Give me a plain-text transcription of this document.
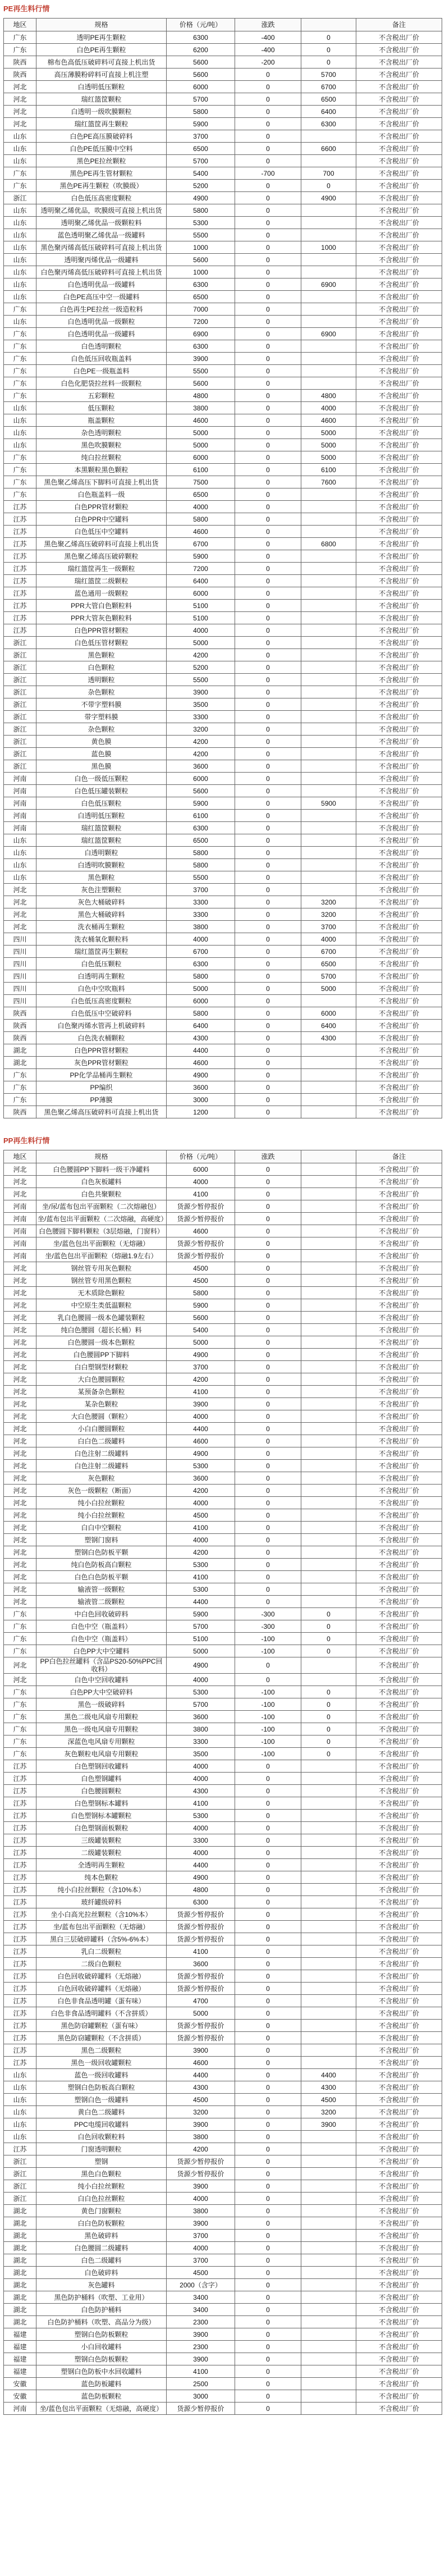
PE再生料行情
地区	规格	价格（元/吨）	涨跌		备注
广东	透明PE再生颗粒	6300	-400	0	不含税出厂价
广东	白色PE再生颗粒	6200	-400	0	不含税出厂价
陕西	棉布色高低压破碎料可直接上机出货	5600	-200	0	不含税出厂价
陕西	高压薄膜粉碎料可直接上机注塑	5600	0	5700	不含税出厂价
河北	白透明低压颗粒	6000	0	6700	不含税出厂价
河北	瑞红篮筐颗粒	5700	0	6500	不含税出厂价
河北	白透明一级吹膜颗粒	5800	0	6400	不含税出厂价
河北	瑞红篮筐再生颗粒	5900	0	6300	不含税出厂价
山东	白色PE高压膜破碎料	3700	0		不含税出厂价
山东	白色PE低压膜中空料	6500	0	6600	不含税出厂价
山东	黑色PE拉丝颗粒	5700	0		不含税出厂价
广东	黑色PE再生管材颗粒	5400	-700	700	不含税出厂价
广东	黑色PE再生颗粒（吹膜级）	5200	0	0	不含税出厂价
浙江	白色低压高密度颗粒	4900	0	4900	不含税出厂价
山东	透明聚乙烯优品，吹膜级可直接上机出货	5800	0		不含税出厂价
山东	透明聚乙烯优品一级颗粒料	5300	0		不含税出厂价
山东	蓝色透明聚乙烯优品一级罐料	5500	0		不含税出厂价
山东	黑色聚丙烯高低压破碎料可直接上机出货	1000	0	1000	不含税出厂价
山东	透明聚丙烯优品一级罐料	5600	0		不含税出厂价
山东	白色聚丙烯高低压破碎料可直接上机出货	1000	0		不含税出厂价
山东	白色透明优品一级罐料	6300	0	6900	不含税出厂价
山东	白色PE高压中空一级罐料	6500	0		不含税出厂价
广东	白色再生PE拉丝一级造粒料	7000	0		不含税出厂价
山东	白色透明优品一级颗粒	7200	0		不含税出厂价
广东	白色透明优品一级罐料	6900	0	6900	不含税出厂价
广东	白色透明颗粒	6300	0		不含税出厂价
广东	白色低压回收瓶盖料	3900	0		不含税出厂价
广东	白色PE一级瓶盖料	5500	0		不含税出厂价
广东	白色化肥袋拉丝料一级颗粒	5600	0		不含税出厂价
广东	五彩颗粒	4800	0	4800	不含税出厂价
山东	低压颗粒	3800	0	4000	不含税出厂价
山东	瓶盖颗粒	4600	0	4600	不含税出厂价
山东	杂色透明颗粒	5000	0	5000	不含税出厂价
山东	黑色吹膜颗粒	5000	0	5000	不含税出厂价
广东	纯白拉丝颗粒	6000	0	5000	不含税出厂价
广东	本黑颗粒黑色颗粒	6100	0	6100	不含税出厂价
广东	黑色聚乙烯高压下脚料可直接上机出货	7500	0	7600	不含税出厂价
广东	白色瓶盖料一级	6500	0		不含税出厂价
江苏	白色PPR管材颗粒	4000	0		不含税出厂价
江苏	白色PPR中空罐料	5800	0		不含税出厂价
江苏	白色低压中空罐料	4600	0		不含税出厂价
江苏	黑色聚乙烯高压破碎料可直接上机出货	6700	0	6800	不含税出厂价
江苏	黑色聚乙烯高压破碎颗粒	5900	0		不含税出厂价
江苏	瑞红篮筐再生一级颗粒	7200	0		不含税出厂价
江苏	瑞红篮筐二级颗粒	6400	0		不含税出厂价
江苏	蓝色通用一级颗粒	6000	0		不含税出厂价
江苏	PPR大管白色颗粒料	5100	0		不含税出厂价
江苏	PPR大管灰色颗粒料	5100	0		不含税出厂价
江苏	白色PPR管材颗粒	4000	0		不含税出厂价
浙江	白色低压管材颗粒	5000	0		不含税出厂价
浙江	黑色颗粒	4200	0		不含税出厂价
浙江	白色颗粒	5200	0		不含税出厂价
浙江	透明颗粒	5500	0		不含税出厂价
浙江	杂色颗粒	3900	0		不含税出厂价
浙江	不带字塑料膜	3500	0		不含税出厂价
浙江	带字塑料膜	3300	0		不含税出厂价
浙江	杂色颗粒	3200	0		不含税出厂价
浙江	黄色膜	4200	0		不含税出厂价
浙江	蓝色膜	4200	0		不含税出厂价
浙江	黑色膜	3600	0		不含税出厂价
河南	白色一级低压颗粒	6000	0		不含税出厂价
河南	白色低压罐装颗粒	5600	0		不含税出厂价
河南	白色低压颗粒	5900	0	5900	不含税出厂价
河南	白透明低压颗粒	6100	0		不含税出厂价
河南	瑞红篮筐颗粒	6300	0		不含税出厂价
山东	瑞红篮筐颗粒	6500	0		不含税出厂价
山东	白透明颗粒	5800	0		不含税出厂价
山东	白透明吹膜颗粒	5800	0		不含税出厂价
山东	黑色颗粒	5500	0		不含税出厂价
河北	灰色注塑颗粒	3700	0		不含税出厂价
河北	灰色大桶破碎料	3300	0	3200	不含税出厂价
河北	黑色大桶破碎料	3300	0	3200	不含税出厂价
河北	洗衣桶再生颗粒	3800	0	3700	不含税出厂价
四川	洗衣桶氧化颗粒料	4000	0	4000	不含税出厂价
四川	瑞红篮筐再生颗粒	6700	0	6700	不含税出厂价
四川	白色低压颗粒	6300	0	6500	不含税出厂价
四川	白透明再生颗粒	5800	0	5700	不含税出厂价
四川	白色中空吹瓶料	5000	0	5000	不含税出厂价
四川	白色低压高密度颗粒	6000	0		不含税出厂价
陕西	白色低压中空破碎料	5800	0	6000	不含税出厂价
陕西	白色聚丙烯水管再上机破碎料	6400	0	6400	不含税出厂价
陕西	白色洗衣桶颗粒	4300	0	4300	不含税出厂价
湖北	白色PPR管材颗粒	4400	0		不含税出厂价
湖北	灰色PPR管材颗粒	4600	0		不含税出厂价
广东	PP化学品桶再生颗粒	4900	0		不含税出厂价
广东	PP编织	3600	0		不含税出厂价
广东	PP薄膜	3000	0		不含税出厂价
陕西	黑色聚乙烯高压破碎料可直接上机出货	1200	0		不含税出厂价
PP再生料行情
地区	规格	价格（元/吨）	涨跌		备注
河北	白色腰圆PP下脚料一级干净罐料	6000	0		不含税出厂价
河北	白色灰板罐料	4000	0		不含税出厂价
河北	白色共聚颗粒	4100	0		不含税出厂价
河南	坐/尿/蓝布包出平面颗粒（二次熔融包）	货源少暂停报价	0		不含税出厂价
河南	坐/蓝布包出平面颗粒（二次熔融，高硬度）	货源少暂停报价	0		不含税出厂价
河南	白色腰圆下脚料颗粒（3层熔融，门窗料）	4600	0		不含税出厂价
河南	坐/蓝色包出平面颗粒（无熔融）	货源少暂停报价	0		不含税出厂价
河南	坐/蓝色包出平面颗粒（熔融1.9左右）	货源少暂停报价	0		不含税出厂价
河北	钢丝管专用灰色颗粒	4500	0		不含税出厂价
河北	钢丝管专用黑色颗粒	4500	0		不含税出厂价
河北	无木质除色颗粒	5800	0		不含税出厂价
河北	中空原生类低温颗粒	5900	0		不含税出厂价
河北	乳白色腰圆一级本色罐装颗粒	5600	0		不含税出厂价
河北	纯白色腰圆（超长长桶）料	5400	0		不含税出厂价
河北	白色腰圆一级本色颗粒	5000	0		不含税出厂价
河北	白色腰圆PP下脚料	4900	0		不含税出厂价
河北	白白塑钢型材颗粒	3700	0		不含税出厂价
河北	大白色腰圆颗粒	4200	0		不含税出厂价
河北	某预备杂色颗粒	4100	0		不含税出厂价
河北	某杂色颗粒	3900	0		不含税出厂价
河北	大白色腰圆（颗粒）	4000	0		不含税出厂价
河北	小白白腰圆颗粒	4400	0		不含税出厂价
河北	白白色二级罐料	4600	0		不含税出厂价
河北	白色注射二级罐料	4900	0		不含税出厂价
河北	白色注射二级罐料	5300	0		不含税出厂价
河北	灰色颗粒	3600	0		不含税出厂价
河北	灰色一级颗粒（断面）	4200	0		不含税出厂价
河北	纯小白拉丝颗粒	4000	0		不含税出厂价
河北	纯小白拉丝颗粒	4500	0		不含税出厂价
河北	白白中空颗粒	4100	0		不含税出厂价
河北	塑钢门窗料	4000	0		不含税出厂价
河北	塑钢白色防板平颗	4200	0		不含税出厂价
河北	纯白色防板高白颗粒	5300	0		不含税出厂价
河北	白色白色防板平颗	4100	0		不含税出厂价
河北	输液管一级颗粒	5300	0		不含税出厂价
河北	输液管二级颗粒	4400	0		不含税出厂价
广东	中白色回收破碎料	5900	-300	0	不含税出厂价
广东	白色中空（瓶盖料）	5700	-300	0	不含税出厂价
广东	白色中空（瓶盖料）	5100	-100	0	不含税出厂价
广东	白色PP大中空罐料	5000	-100	0	不含税出厂价
河北	PP白色拉丝罐料（含品PS20-50%PPC回收料）	4900	0		不含税出厂价
河北	白色中空回收罐料	4000	0		不含税出厂价
广东	白色PP大中空破碎料	5300	-100	0	不含税出厂价
广东	黑色一级破碎料	5700	-100	0	不含税出厂价
广东	黑色二级电风扇专用颗粒	3600	-100	0	不含税出厂价
广东	黑色一级电风扇专用颗粒	3800	-100	0	不含税出厂价
广东	深蓝色电风扇专用颗粒	3300	-100	0	不含税出厂价
广东	灰色颗粒电风扇专用颗粒	3500	-100	0	不含税出厂价
江苏	白色塑钢回收罐料	4000	0		不含税出厂价
江苏	白色塑钢罐料	4000	0		不含税出厂价
江苏	白色腰圆颗粒	4300	0		不含税出厂价
江苏	白色塑钢标本罐料	4100	0		不含税出厂价
江苏	白色塑钢标本罐颗粒	5300	0		不含税出厂价
江苏	白色塑钢面板颗粒	4000	0		不含税出厂价
江苏	三级罐装颗粒	3300	0		不含税出厂价
江苏	二级罐装颗粒	4000	0		不含税出厂价
江苏	全透明再生颗粒	4400	0		不含税出厂价
江苏	纯本色颗粒	4900	0		不含税出厂价
江苏	纯小白拉丝颗粒（含10%本）	4800	0		不含税出厂价
江苏	玻纤罐级碎料	6300	0		不含税出厂价
江苏	坐小白高光拉丝颗粒（含10%本）	货源少暂停报价	0		不含税出厂价
江苏	坐/蓝布包出平面颗粒（无熔融）	货源少暂停报价	0		不含税出厂价
江苏	黑白三层破碎罐料（含5%-6%本）	货源少暂停报价	0		不含税出厂价
江苏	乳白二级颗粒	4100	0		不含税出厂价
江苏	二级白色颗粒	3600	0		不含税出厂价
江苏	白色回收破碎罐料（无熔融）	货源少暂停报价	0		不含税出厂价
江苏	白色回收破碎罐料（无熔融）	货源少暂停报价	0		不含税出厂价
江苏	白色非食品透明罐（蛋有味）	4700	0		不含税出厂价
江苏	白色非食品透明罐料（不含拼质）	5000	0		不含税出厂价
江苏	黑色防窃罐颗粒（蛋有味）	货源少暂停报价	0		不含税出厂价
江苏	黑色防窃罐颗粒（不含拼质）	货源少暂停报价	0		不含税出厂价
江苏	黑色二级颗粒	3900	0		不含税出厂价
江苏	黑色一级回收罐颗粒	4600	0		不含税出厂价
山东	蓝色一级回收罐料	4400	0	4400	不含税出厂价
山东	塑钢白色防板高白颗粒	4300	0	4300	不含税出厂价
山东	塑钢白色一级罐料	4500	0	4500	不含税出厂价
山东	黄白色二级罐料	3200	0	3200	不含税出厂价
山东	PPC电缆回收罐料	3900	0	3900	不含税出厂价
山东	白色回收颗粒料	3800	0		不含税出厂价
江苏	门窗透明颗粒	4200	0		不含税出厂价
浙江	塑钢	货源少暂停报价	0		不含税出厂价
浙江	黑色白色颗粒	货源少暂停报价	0		不含税出厂价
浙江	纯小白拉丝颗粒	3900	0		不含税出厂价
浙江	白白色拉丝颗粒	4000	0		不含税出厂价
湖北	黄色门窗颗粒	3800	0		不含税出厂价
湖北	白白色防板颗粒	3900	0		不含税出厂价
湖北	黑色破碎料	3700	0		不含税出厂价
湖北	白色腰圆二级罐料	4000	0		不含税出厂价
湖北	白色二级罐料	3700	0		不含税出厂价
湖北	白色破碎料	4500	0		不含税出厂价
湖北	灰色罐料	2000（含字）	0		不含税出厂价
湖北	黑色防护桶料（吹塑、工业用）	3400	0		不含税出厂价
湖北	白色防护桶料	3400	0		不含税出厂价
湖北	白色防护桶料（吹塑、高品分为级）	2300	0		不含税出厂价
福建	塑钢白色防板颗粒	3900	0		不含税出厂价
福建	小白回收罐料	2300	0		不含税出厂价
福建	塑钢白色防板颗粒	3900	0		不含税出厂价
福建	塑钢白色防板中水回收罐料	4100	0		不含税出厂价
安徽	蓝色防板罐料	2500	0		不含税出厂价
安徽	蓝色防板颗粒	3000	0		不含税出厂价
河南	坐/蓝色包出平面颗粒（无熔融，高硬度）	货源少暂停报价	0		不含税出厂价
